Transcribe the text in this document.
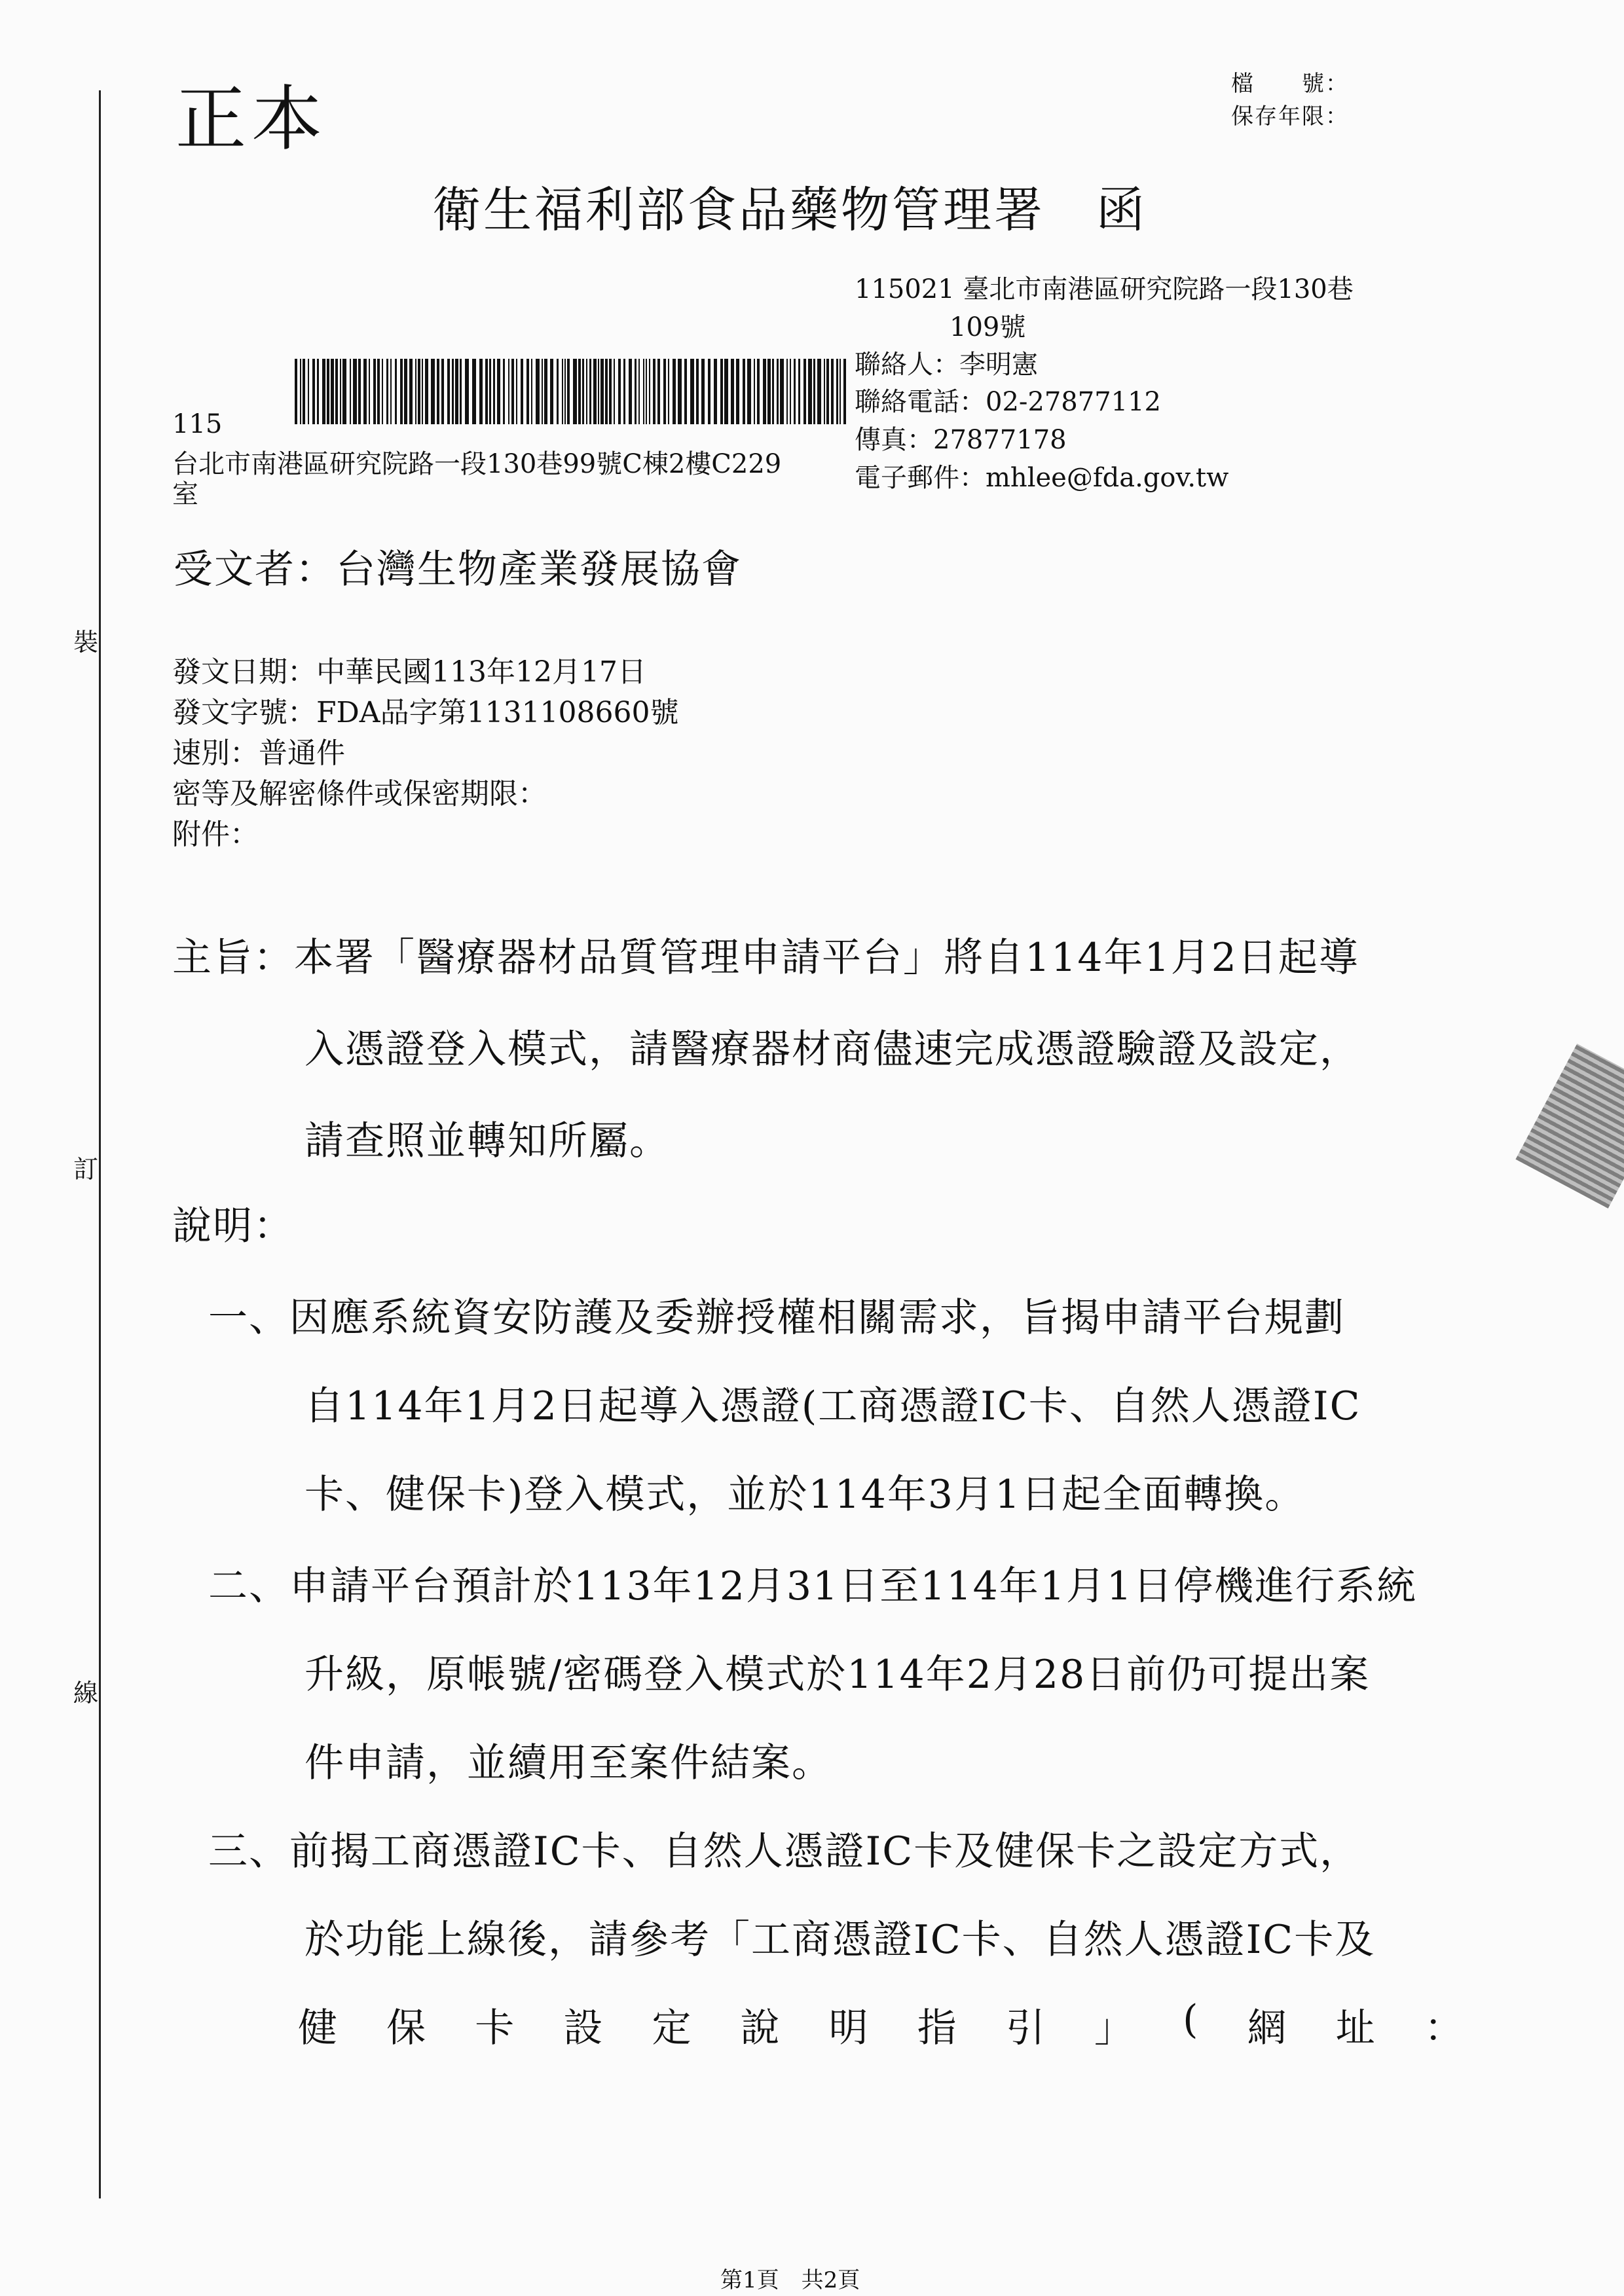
裝
訂
線
正本	檔　　號：
保存年限：
衛生福利部食品藥物管理署　函
115021 臺北市南港區研究院路一段130巷
109號
聯絡人：李明憲
聯絡電話：02-27877112
傳真：27877178
電子郵件：mhlee@fda.gov.tw
115
台北市南港區研究院路一段130巷99號C棟2樓C229
室
受文者：台灣生物產業發展協會
發文日期：中華民國113年12月17日
發文字號：FDA品字第1131108660號
速別：普通件
密等及解密條件或保密期限：
附件：
主旨：本署「醫療器材品質管理申請平台」將自114年1月2日起導
入憑證登入模式，請醫療器材商儘速完成憑證驗證及設定，
請查照並轉知所屬。
說明：
一、因應系統資安防護及委辦授權相關需求，旨揭申請平台規劃
自114年1月2日起導入憑證(工商憑證IC卡、自然人憑證IC
卡、健保卡)登入模式，並於114年3月1日起全面轉換。
二、申請平台預計於113年12月31日至114年1月1日停機進行系統
升級，原帳號/密碼登入模式於114年2月28日前仍可提出案
件申請，並續用至案件結案。
三、前揭工商憑證IC卡、自然人憑證IC卡及健保卡之設定方式，
於功能上線後，請參考「工商憑證IC卡、自然人憑證IC卡及
健 保 卡 設 定 說 明 指 引 」 ( 網 址 ：
第1頁　共2頁
